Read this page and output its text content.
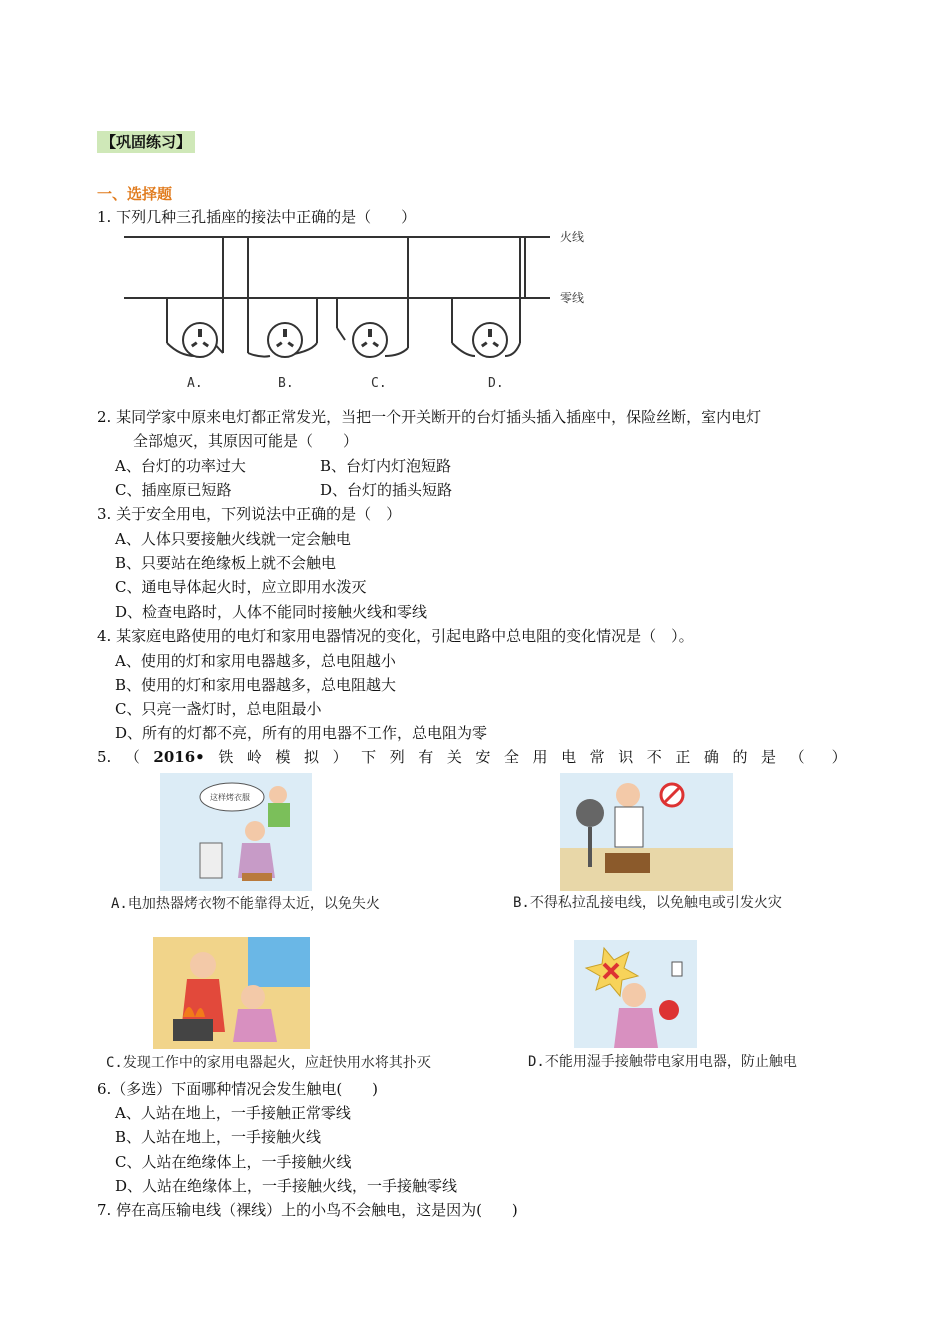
【巩固练习】
一、选择题
1. 下列几种三孔插座的接法中正确的是（　　）
火线
零线
A.	B.	C.	D.
2. 某同学家中原来电灯都正常发光，当把一个开关断开的台灯插头插入插座中，保险丝断，室内电灯
全部熄灭，其原因可能是（　　）
A、台灯的功率过大	B、台灯内灯泡短路
C、插座原已短路	D、台灯的插头短路
3. 关于安全用电，下列说法中正确的是（　）
A、人体只要接触火线就一定会触电
B、只要站在绝缘板上就不会触电
C、通电导体起火时，应立即用水泼灭
D、检查电路时，人体不能同时接触火线和零线
4. 某家庭电路使用的电灯和家用电器情况的变化，引起电路中总电阻的变化情况是（　）。
A、使用的灯和家用电器越多，总电阻越小
B、使用的灯和家用电器越多，总电阻越大
C、只亮一盏灯时，总电阻最小
D、所有的灯都不亮，所有的用电器不工作，总电阻为零
5. （ 2016• 铁 岭 模 拟 ） 下 列 有 关 安 全 用 电 常 识 不 正 确 的 是 （ ）
这样烤衣服
A.电加热器烤衣物不能靠得太近，以免失火	B.不得私拉乱接电线，以免触电或引发火灾
C.发现工作中的家用电器起火，应赶快用水将其扑灭	D.不能用湿手接触带电家用电器，防止触电
6.（多选）下面哪种情况会发生触电(　　)
A、人站在地上，一手接触正常零线
B、人站在地上，一手接触火线
C、人站在绝缘体上，一手接触火线
D、人站在绝缘体上，一手接触火线，一手接触零线
7. 停在高压输电线（裸线）上的小鸟不会触电，这是因为(　　)
